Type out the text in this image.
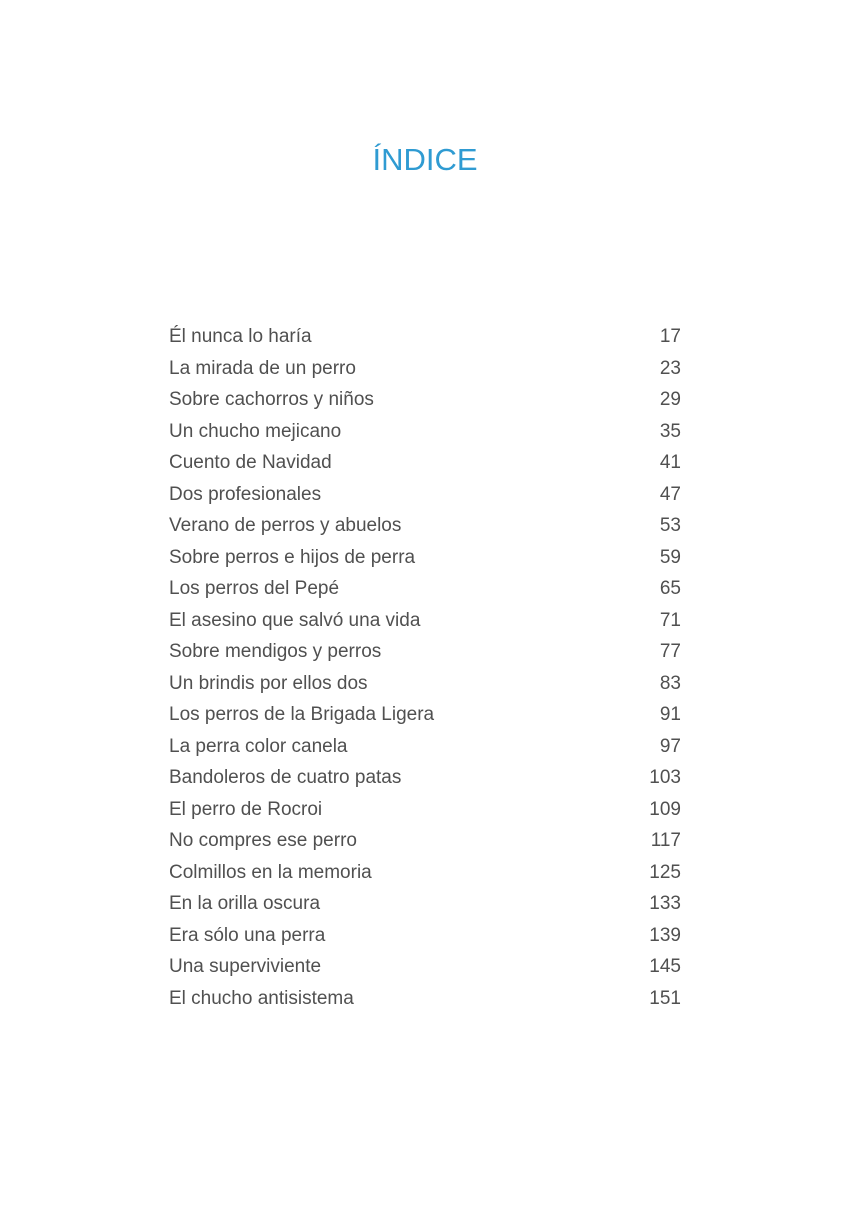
ÍNDICE
Él nunca lo haría	17
La mirada de un perro	23
Sobre cachorros y niños	29
Un chucho mejicano	35
Cuento de Navidad	41
Dos profesionales	47
Verano de perros y abuelos	53
Sobre perros e hijos de perra	59
Los perros del Pepé	65
El asesino que salvó una vida	71
Sobre mendigos y perros	77
Un brindis por ellos dos	83
Los perros de la Brigada Ligera	91
La perra color canela	97
Bandoleros de cuatro patas	103
El perro de Rocroi	109
No compres ese perro	117
Colmillos en la memoria	125
En la orilla oscura	133
Era sólo una perra	139
Una superviviente	145
El chucho antisistema	151
